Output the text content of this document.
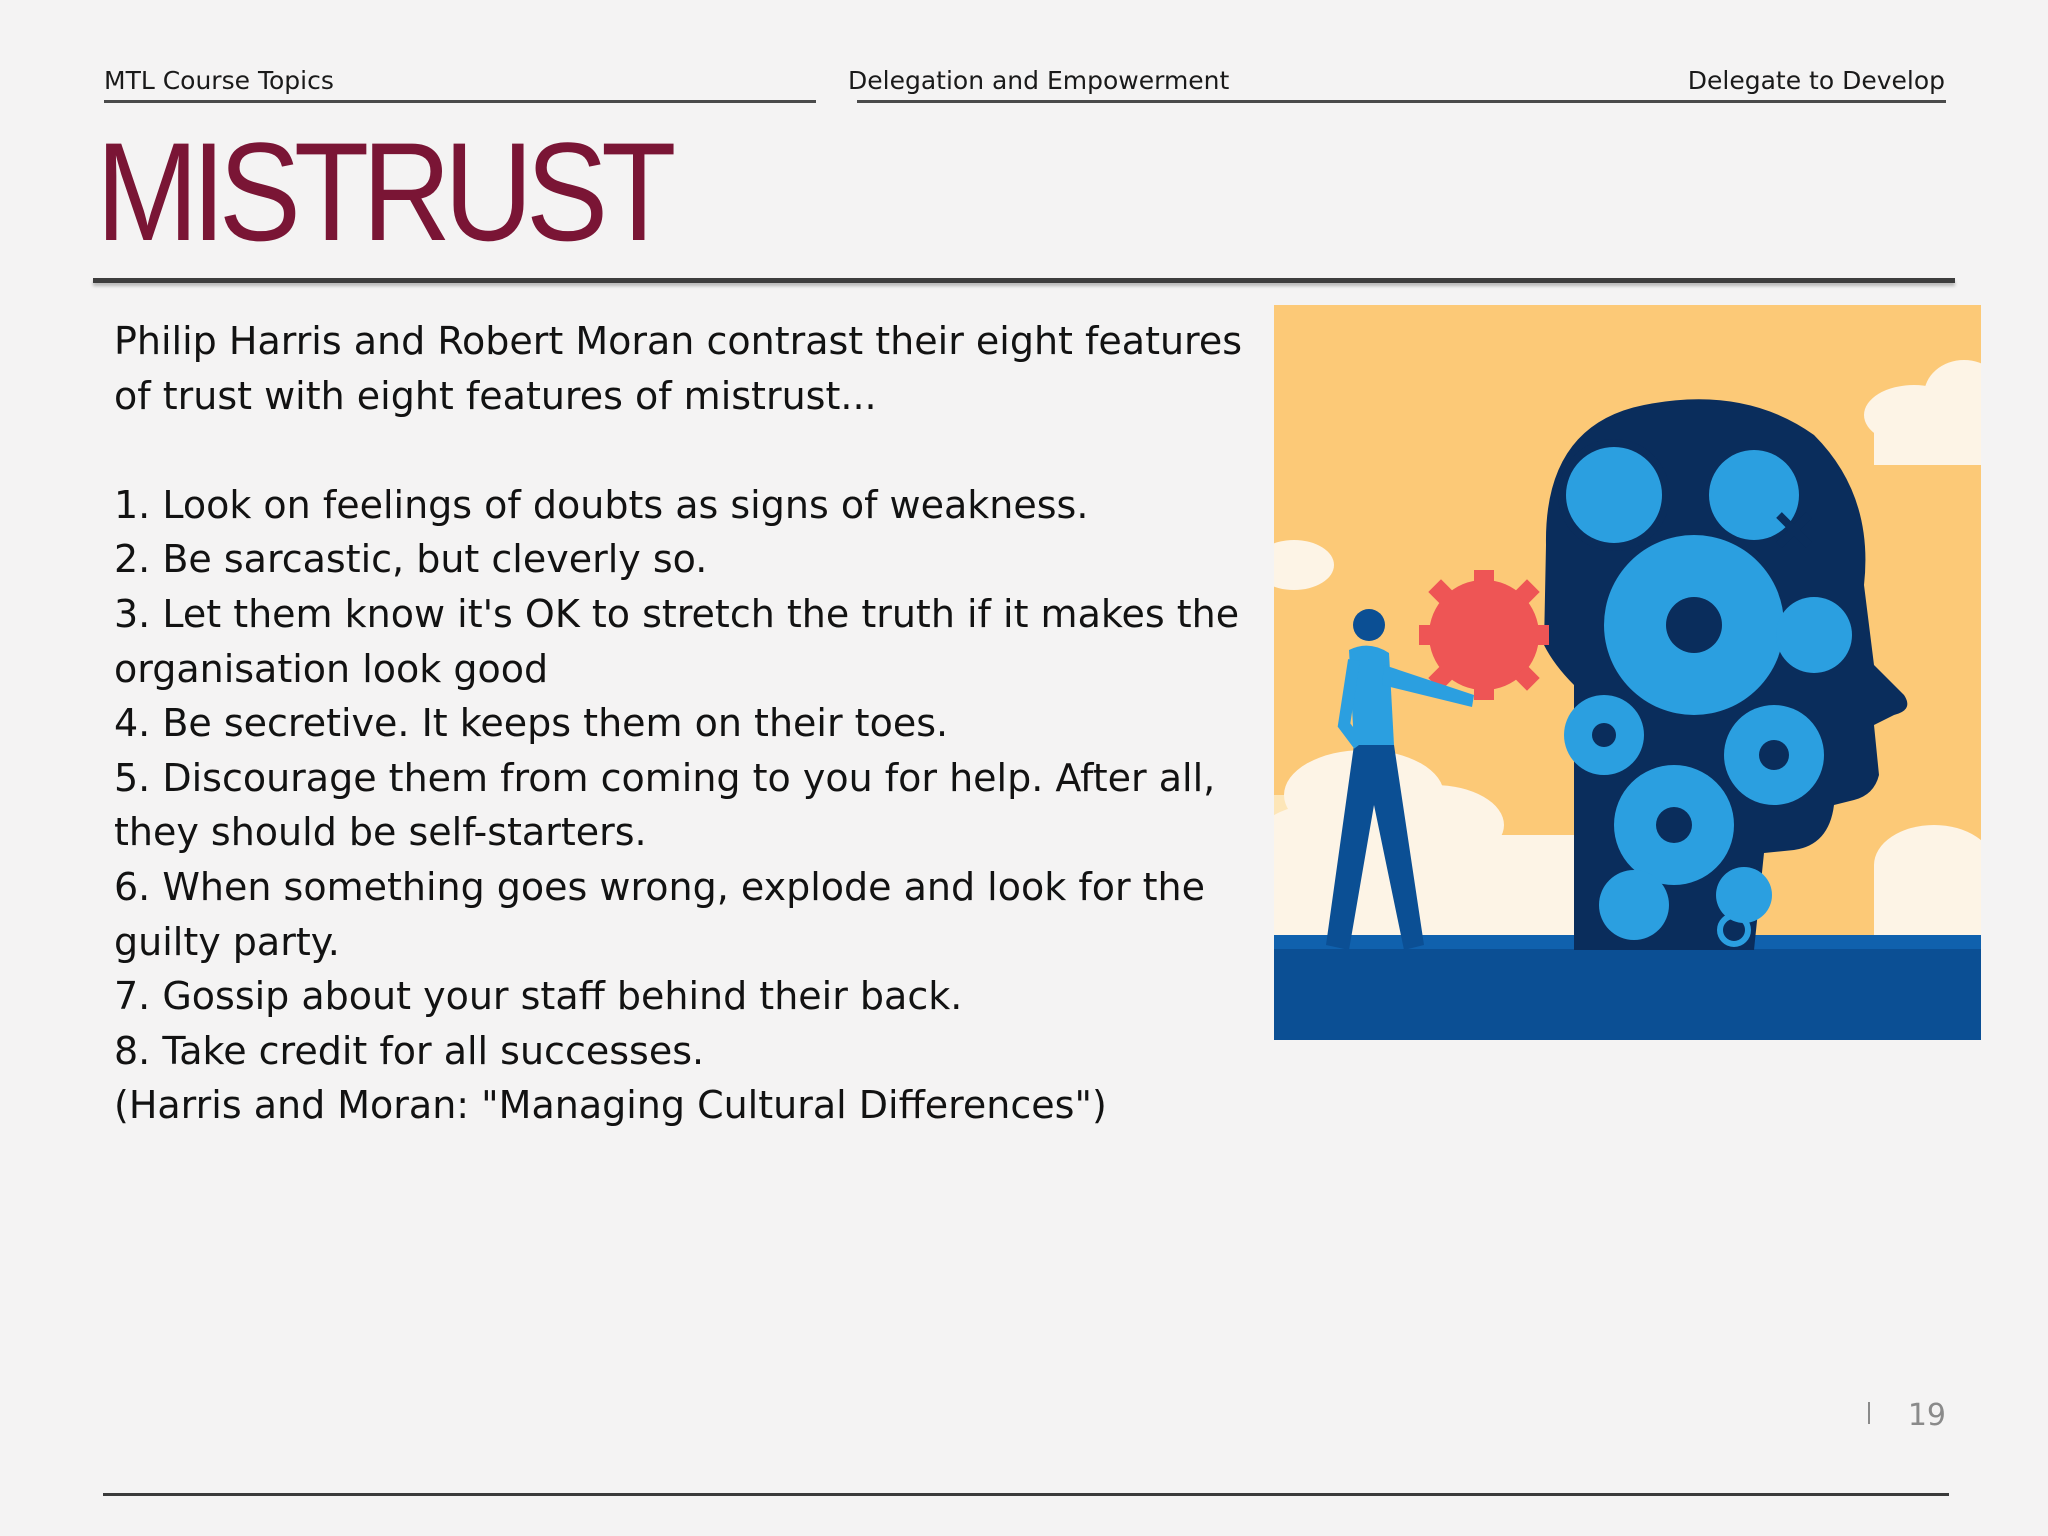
MTL Course Topics	Delegation and Empowerment	Delegate to Develop
MISTRUST

Philip Harris and Robert Moran contrast their eight features

of trust with eight features of mistrust...

1. Look on feelings of doubts as signs of weakness.

2. Be sarcastic, but cleverly so.

3. Let them know it's OK to stretch the truth if it makes the

organisation look good

4. Be secretive. It keeps them on their toes.

5. Discourage them from coming to you for help. After all,

they should be self-starters.

6. When something goes wrong, explode and look for the

guilty party.

7. Gossip about your staff behind their back.

8. Take credit for all successes.

(Harris and Moran: "Managing Cultural Differences")

19
